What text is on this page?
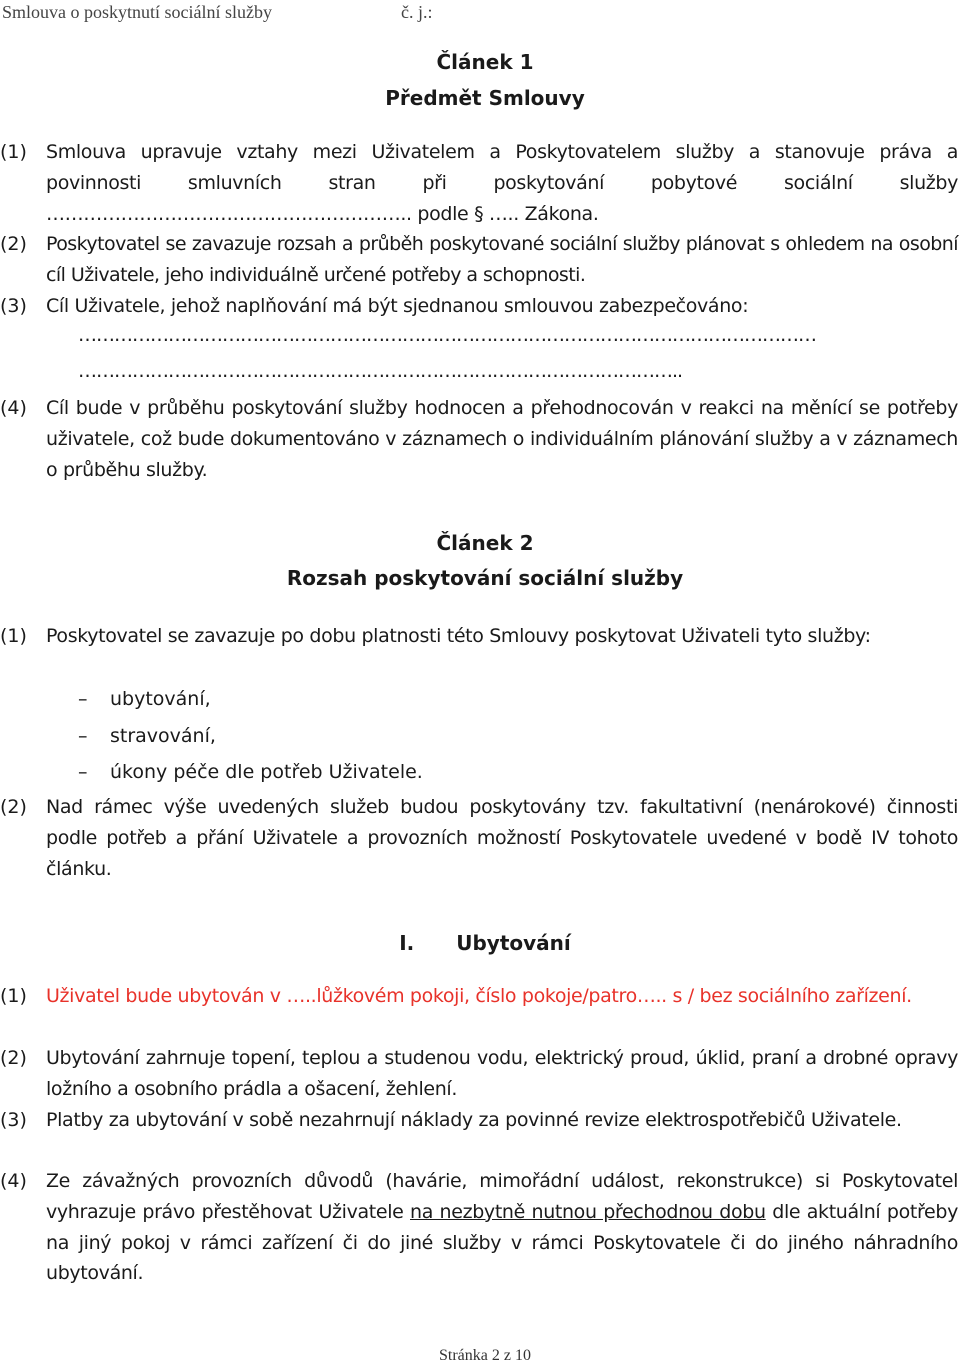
Smlouva o poskytnutí sociální služby	č. j.:
Článek 1
Předmět Smlouvy
(1) Smlouva upravuje vztahy mezi Uživatelem a Poskytovatelem služby a stanovuje práva a povinnosti smluvních stran při poskytování pobytové sociální služby ………………………………………………….. podle § ….. Zákona.
(2) Poskytovatel se zavazuje rozsah a průběh poskytované sociální služby plánovat s ohledem na osobní cíl Uživatele, jeho individuálně určené potřeby a schopnosti.
(3) Cíl Uživatele, jehož naplňování má být sjednanou smlouvou zabezpečováno:
……………………………………………………………………………………………………………
………………………………………………………………………………………..
(4) Cíl bude v průběhu poskytování služby hodnocen a přehodnocován v reakci na měnící se potřeby uživatele, což bude dokumentováno v záznamech o individuálním plánování služby a v záznamech o průběhu služby.
Článek 2
Rozsah poskytování sociální služby
(1) Poskytovatel se zavazuje po dobu platnosti této Smlouvy poskytovat Uživateli tyto služby:
– ubytování,
– stravování,
– úkony péče dle potřeb Uživatele.
(2) Nad rámec výše uvedených služeb budou poskytovány tzv. fakultativní (nenárokové) činnosti podle potřeb a přání Uživatele a provozních možností Poskytovatele uvedené v bodě IV tohoto článku.
I. Ubytování
(1) Uživatel bude ubytován v …..lůžkovém pokoji, číslo pokoje/patro….. s / bez sociálního zařízení.
(2) Ubytování zahrnuje topení, teplou a studenou vodu, elektrický proud, úklid, praní a drobné opravy ložního a osobního prádla a ošacení, žehlení.
(3) Platby za ubytování v sobě nezahrnují náklady za povinné revize elektrospotřebičů Uživatele.
(4) Ze závažných provozních důvodů (havárie, mimořádní událost, rekonstrukce) si Poskytovatel vyhrazuje právo přestěhovat Uživatele na nezbytně nutnou přechodnou dobu dle aktuální potřeby na jiný pokoj v rámci zařízení či do jiné služby v rámci Poskytovatele či do jiného náhradního ubytování.
Stránka 2 z 10
